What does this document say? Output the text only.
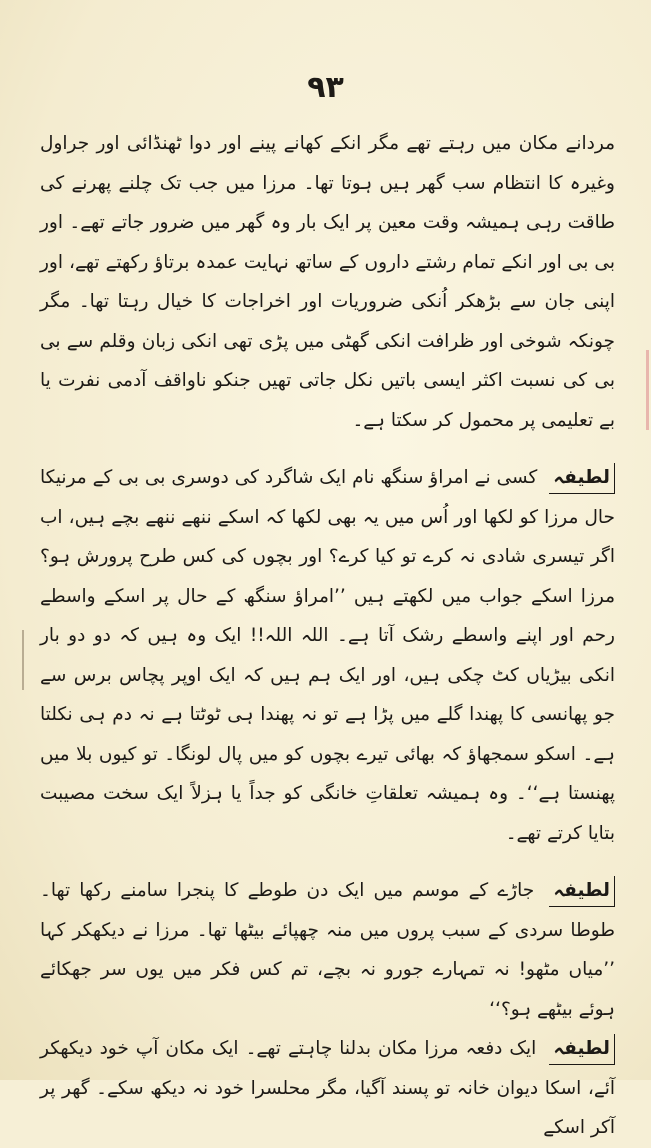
۹۳

مردانے مکان میں رہتے تھے مگر انکے کھانے پینے اور دوا ٹھنڈائی اور جراول وغیرہ کا انتظام سب گھر ہیں ہوتا تھا۔ مرزا میں جب تک چلنے پھرنے کی طاقت رہی ہمیشہ وقت معین پر ایک بار وہ گھر میں ضرور جاتے تھے۔ اور بی بی اور انکے تمام رشتے داروں کے ساتھ نہایت عمدہ برتاؤ رکھتے تھے، اور اپنی جان سے بڑھکر اُنکی ضروریات اور اخراجات کا خیال رہتا تھا۔ مگر چونکہ شوخی اور ظرافت انکی گھٹی میں پڑی تھی انکی زبان وقلم سے بی بی کی نسبت اکثر ایسی باتیں نکل جاتی تھیں جنکو ناواقف آدمی نفرت یا بے تعلیمی پر محمول کر سکتا ہے۔

لطیفہ کسی نے امراؤ سنگھ نام ایک شاگرد کی دوسری بی بی کے مرنیکا حال مرزا کو لکھا اور اُس میں یہ بھی لکھا کہ اسکے ننھے ننھے بچے ہیں، اب اگر تیسری شادی نہ کرے تو کیا کرے؟ اور بچوں کی کس طرح پرورش ہو؟ مرزا اسکے جواب میں لکھتے ہیں ’’امراؤ سنگھ کے حال پر اسکے واسطے رحم اور اپنے واسطے رشک آتا ہے۔ اللہ اللہ!! ایک وہ ہیں کہ دو دو بار انکی بیڑیاں کٹ چکی ہیں، اور ایک ہم ہیں کہ ایک اوپر پچاس برس سے جو پھانسی کا پھندا گلے میں پڑا ہے تو نہ پھندا ہی ٹوٹتا ہے نہ دم ہی نکلتا ہے۔ اسکو سمجھاؤ کہ بھائی تیرے بچوں کو میں پال لونگا۔ تو کیوں بلا میں پھنستا ہے‘‘۔ وہ ہمیشہ تعلقاتِ خانگی کو جداً یا ہزلاً ایک سخت مصیبت بتایا کرتے تھے۔

لطیفہ جاڑے کے موسم میں ایک دن طوطے کا پنجرا سامنے رکھا تھا۔ طوطا سردی کے سبب پروں میں منہ چھپائے بیٹھا تھا۔ مرزا نے دیکھکر کہا ’’میاں مٹھو! نہ تمہارے جورو نہ بچے، تم کس فکر میں یوں سر جھکائے ہوئے بیٹھے ہو؟‘‘

لطیفہ ایک دفعہ مرزا مکان بدلنا چاہتے تھے۔ ایک مکان آپ خود دیکھکر آئے، اسکا دیوان خانہ تو پسند آگیا، مگر محلسرا خود نہ دیکھ سکے۔ گھر پر آکر اسکے
